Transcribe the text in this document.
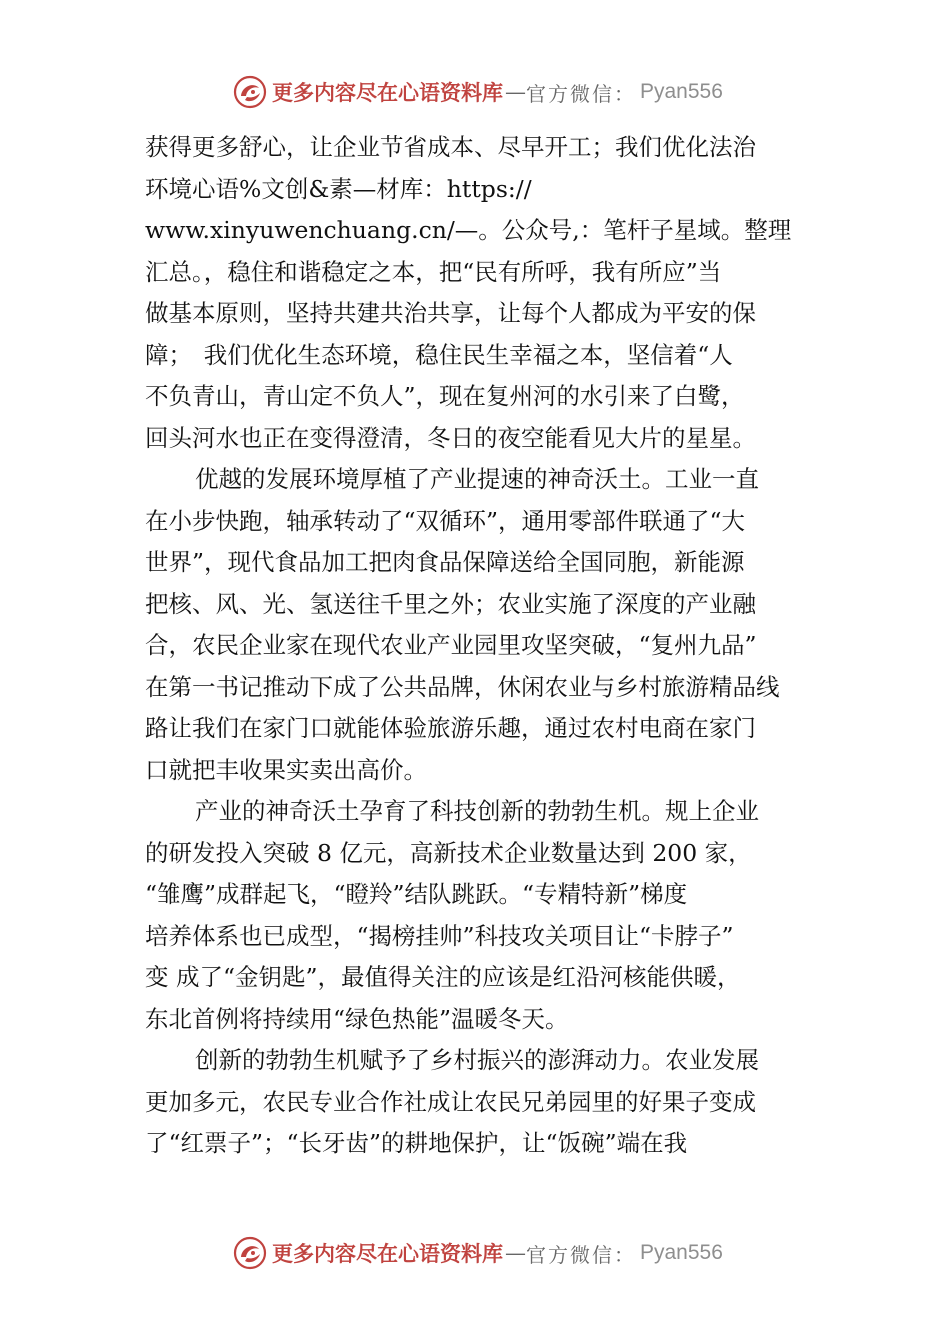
更多内容尽在心语资料库 — 官方微信： Pyan556
获得更多舒心，让企业节省成本、尽早开工；我们优化法治
环境心语%文创&素—材库：https://
www.xinyuwenchuang.cn/—。公众号,：笔杆子星域。整理
汇总。，稳住和谐稳定之本，把“民有所呼，我有所应”当
做基本原则，坚持共建共治共享，让每个人都成为平安的保
障；　我们优化生态环境，稳住民生幸福之本，坚信着“人
不负青山，青山定不负人”，现在复州河的水引来了白鹭，
回头河水也正在变得澄清，冬日的夜空能看见大片的星星。
优越的发展环境厚植了产业提速的神奇沃土。工业一直
在小步快跑，轴承转动了“双循环”，通用零部件联通了“大
世界”，现代食品加工把肉食品保障送给全国同胞，新能源
把核、风、光、氢送往千里之外；农业实施了深度的产业融
合，农民企业家在现代农业产业园里攻坚突破，“复州九品”
在第一书记推动下成了公共品牌，休闲农业与乡村旅游精品线
路让我们在家门口就能体验旅游乐趣，通过农村电商在家门
口就把丰收果实卖出高价。
产业的神奇沃土孕育了科技创新的勃勃生机。规上企业
的研发投入突破 8 亿元，高新技术企业数量达到 200 家，
“雏鹰”成群起飞，“瞪羚”结队跳跃。“专精特新”梯度
培养体系也已成型，“揭榜挂帅”科技攻关项目让“卡脖子”
变 成了“金钥匙”，最值得关注的应该是红沿河核能供暖，
东北首例将持续用“绿色热能”温暖冬天。
创新的勃勃生机赋予了乡村振兴的澎湃动力。农业发展
更加多元，农民专业合作社成让农民兄弟园里的好果子变成
了“红票子”；“长牙齿”的耕地保护，让“饭碗”端在我
更多内容尽在心语资料库 — 官方微信： Pyan556
